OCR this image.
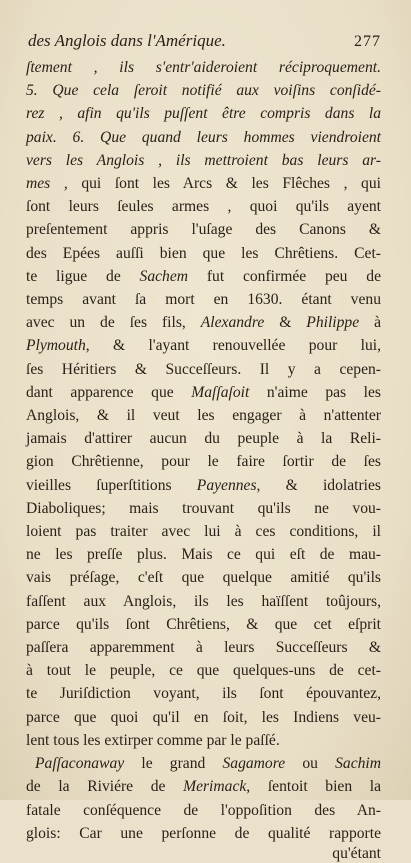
des Anglois dans l'Amérique.	277
ſtement , ils s'entr'aideroient réciproquement.
5. Que cela ſeroit notifié aux voiſins conſidé-
rez , afin qu'ils puſſent être compris dans la
paix. 6. Que quand leurs hommes viendroient
vers les Anglois , ils mettroient bas leurs ar-
mes , qui ſont les Arcs & les Flêches , qui
ſont leurs ſeules armes , quoi qu'ils ayent
preſentement appris l'uſage des Canons &
des Epées auſſi bien que les Chrêtiens. Cet-
te ligue de Sachem fut confirmée peu de
temps avant ſa mort en 1630. étant venu
avec un de ſes fils, Alexandre & Philippe à
Plymouth, & l'ayant renouvellée pour lui,
ſes Héritiers & Succeſſeurs. Il y a cepen-
dant apparence que Maſſaſoit n'aime pas les
Anglois, & il veut les engager à n'attenter
jamais d'attirer aucun du peuple à la Reli-
gion Chrêtienne, pour le faire ſortir de ſes
vieilles ſuperſtitions Payennes, & idolatries
Diaboliques; mais trouvant qu'ils ne vou-
loient pas traiter avec lui à ces conditions, il
ne les preſſe plus. Mais ce qui eſt de mau-
vais préſage, c'eſt que quelque amitié qu'ils
faſſent aux Anglois, ils les haïſſent toûjours,
parce qu'ils ſont Chrêtiens, & que cet eſprit
paſſera apparemment à leurs Succeſſeurs &
à tout le peuple, ce que quelques-uns de cet-
te Juriſdiction voyant, ils ſont épouvantez,
parce que quoi qu'il en ſoit, les Indiens veu-
lent tous les extirper comme par le paſſé.
Paſſaconaway le grand Sagamore ou Sachim
de la Riviére de Merimack, ſentoit bien la
fatale conſéquence de l'oppoſition des An-
glois: Car une perſonne de qualité rapporte
qu'étant
